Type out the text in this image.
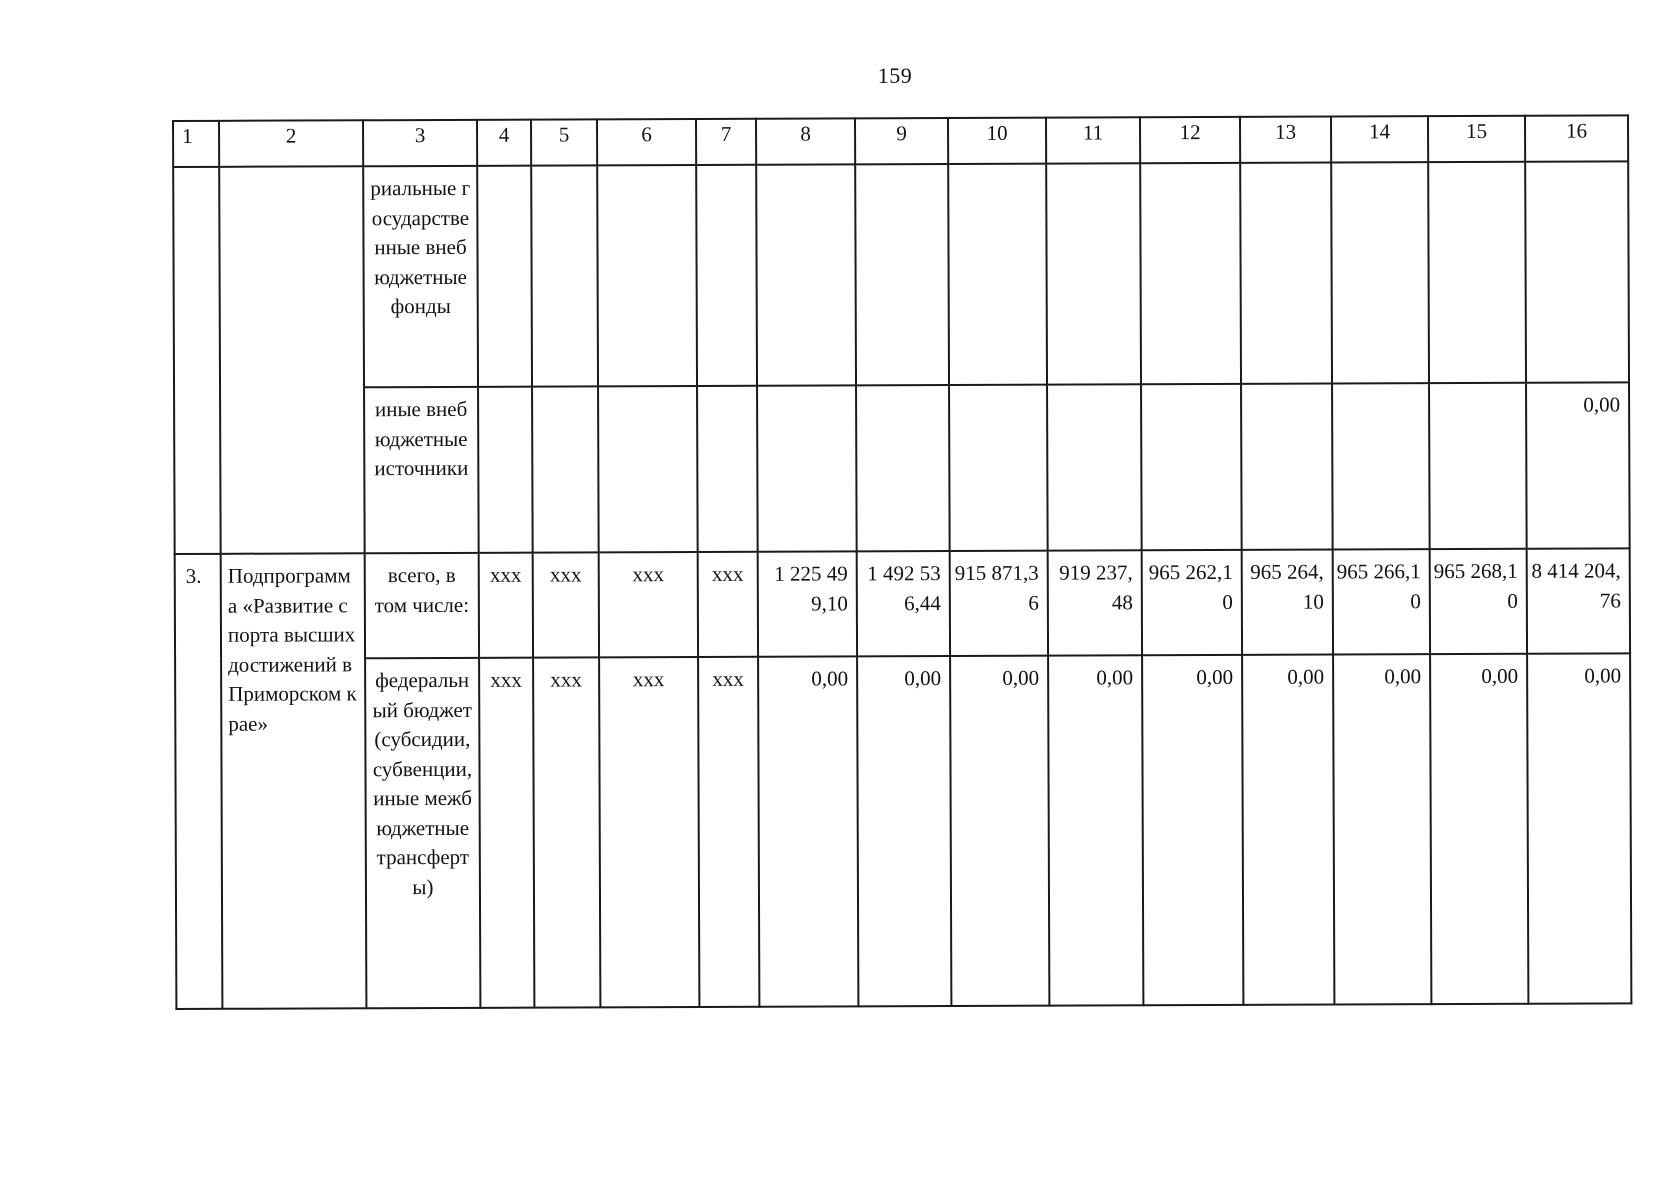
159
1	2	3	4	5	6	7	8	9	10	11	12	13	14	15	16

		риальные государственные внебюджетные фонды													

		иные внебюджетные источники													0,00

3.	Подпрограмма «Развитие спорта высших достижений в Приморском крае»	всего, в том числе:	xxx	xxx	xxx	xxx	1 225 499,10	1 492 536,44	915 871,36	919 237,48	965 262,10	965 264,10	965 266,10	965 268,10	8 414 204,76

		федеральный бюджет (субсидии, субвенции, иные межбюджетные трансферты)	xxx	xxx	xxx	xxx	0,00	0,00	0,00	0,00	0,00	0,00	0,00	0,00	0,00
